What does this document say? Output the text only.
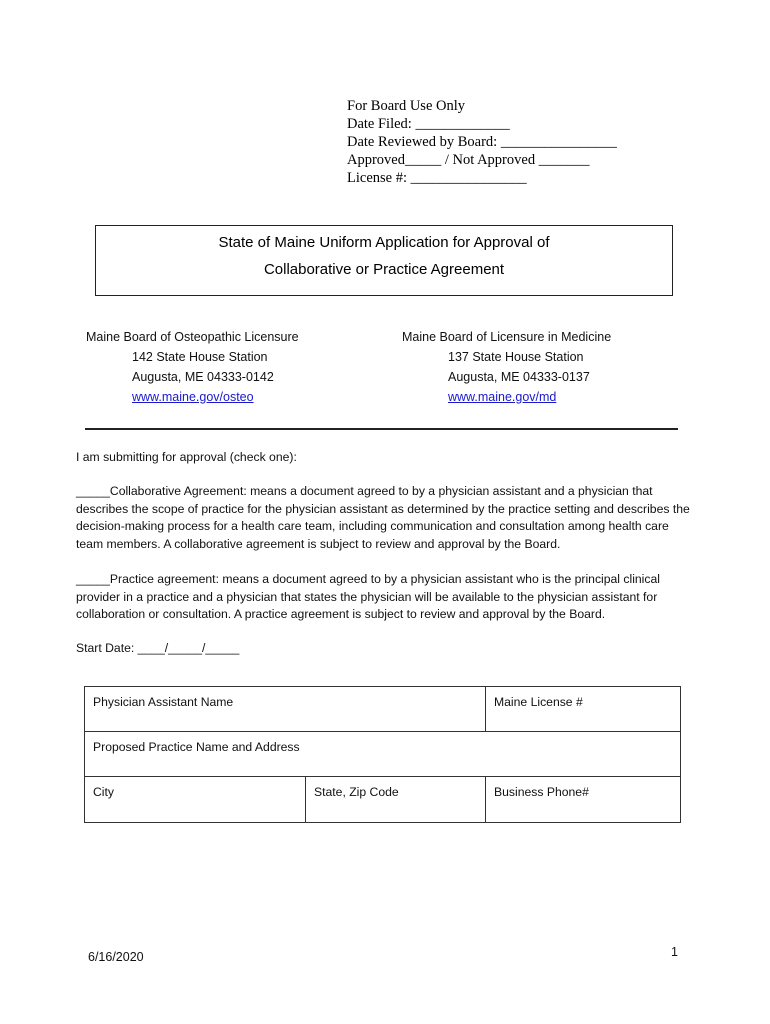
For Board Use Only
Date Filed: _____________
Date Reviewed by Board: ________________
Approved_____ / Not Approved _______
License #: ________________
State of Maine Uniform Application for Approval of
Collaborative or Practice Agreement
Maine Board of Osteopathic Licensure
142 State House Station
Augusta, ME 04333-0142
www.maine.gov/osteo
Maine Board of Licensure in Medicine
137 State House Station
Augusta, ME 04333-0137
www.maine.gov/md
I am submitting for approval (check one):
_____Collaborative Agreement: means a document agreed to by a physician assistant and a physician that describes the scope of practice for the physician assistant as determined by the practice setting and describes the decision-making process for a health care team, including communication and consultation among health care team members. A collaborative agreement is subject to review and approval by the Board.
_____Practice agreement: means a document agreed to by a physician assistant who is the principal clinical provider in a practice and a physician that states the physician will be available to the physician assistant for collaboration or consultation. A practice agreement is subject to review and approval by the Board.
Start Date: ____/_____/_____
Physician Assistant Name		Maine License #
Proposed Practice Name and Address		
City	State, Zip Code	Business Phone#
6/16/2020	1
